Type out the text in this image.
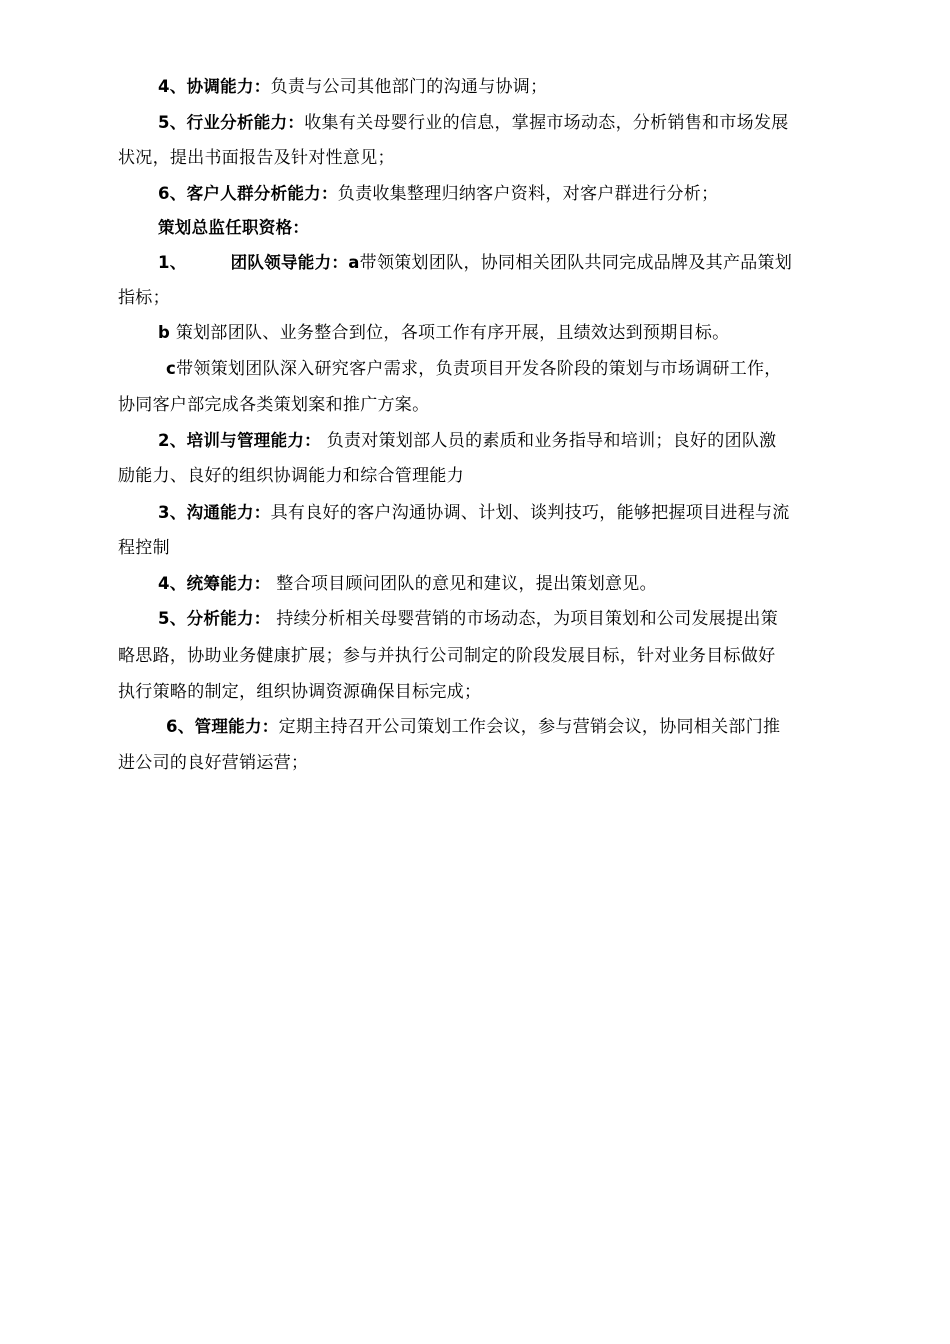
4、协调能力：负责与公司其他部门的沟通与协调；
5、行业分析能力：收集有关母婴行业的信息，掌握市场动态，分析销售和市场发展
状况，提出书面报告及针对性意见；
6、客户人群分析能力：负责收集整理归纳客户资料，对客户群进行分析；
策划总监任职资格：
1、	团队领导能力：a带领策划团队，协同相关团队共同完成品牌及其产品策划
指标；
b 策划部团队、业务整合到位，各项工作有序开展，且绩效达到预期目标。
c带领策划团队深入研究客户需求，负责项目开发各阶段的策划与市场调研工作，
协同客户部完成各类策划案和推广方案。
2、培训与管理能力： 负责对策划部人员的素质和业务指导和培训；良好的团队激
励能力、良好的组织协调能力和综合管理能力
3、沟通能力：具有良好的客户沟通协调、计划、谈判技巧，能够把握项目进程与流
程控制
4、统筹能力： 整合项目顾问团队的意见和建议，提出策划意见。
5、分析能力： 持续分析相关母婴营销的市场动态，为项目策划和公司发展提出策
略思路，协助业务健康扩展；参与并执行公司制定的阶段发展目标，针对业务目标做好
执行策略的制定，组织协调资源确保目标完成；
6、管理能力：定期主持召开公司策划工作会议，参与营销会议，协同相关部门推
进公司的良好营销运营；
